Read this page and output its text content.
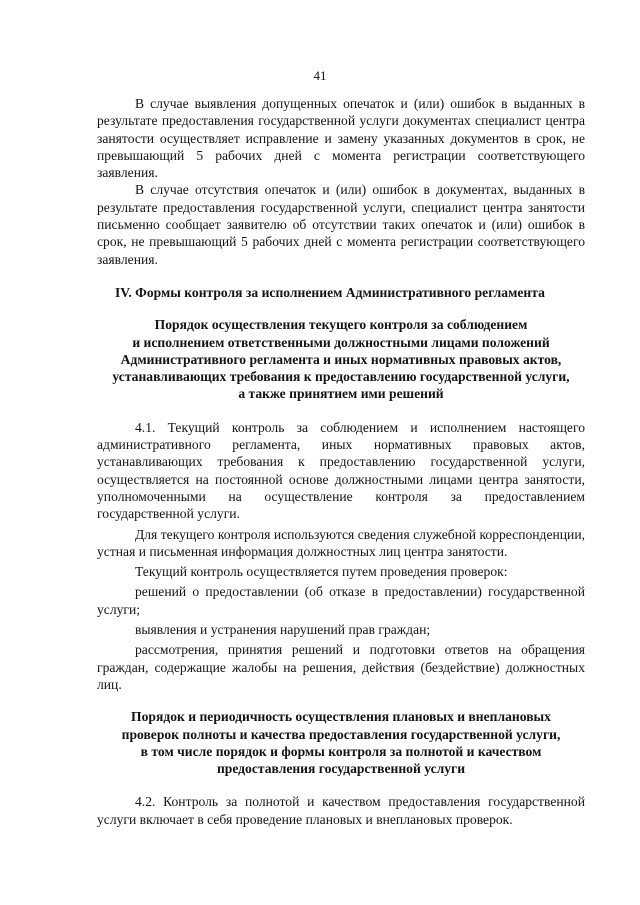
41

В случае выявления допущенных опечаток и (или) ошибок в выданных в результате предоставления государственной услуги документах специалист центра занятости осуществляет исправление и замену указанных документов в срок, не превышающий 5 рабочих дней с момента регистрации соответствующего заявления.

В случае отсутствия опечаток и (или) ошибок в документах, выданных в результате предоставления государственной услуги, специалист центра занятости письменно сообщает заявителю об отсутствии таких опечаток и (или) ошибок в срок, не превышающий 5 рабочих дней с момента регистрации соответствующего заявления.

IV. Формы контроля за исполнением Административного регламента

Порядок осуществления текущего контроля за соблюдением
и исполнением ответственными должностными лицами положений
Административного регламента и иных нормативных правовых актов,
устанавливающих требования к предоставлению государственной услуги,
а также принятием ими решений

4.1. Текущий контроль за соблюдением и исполнением настоящего административного регламента, иных нормативных правовых актов, устанавливающих требования к предоставлению государственной услуги, осуществляется на постоянной основе должностными лицами центра занятости, уполномоченными на осуществление контроля за предоставлением государственной услуги.

Для текущего контроля используются сведения служебной корреспонденции, устная и письменная информация должностных лиц центра занятости.

Текущий контроль осуществляется путем проведения проверок:

решений о предоставлении (об отказе в предоставлении) государственной услуги;

выявления и устранения нарушений прав граждан;

рассмотрения, принятия решений и подготовки ответов на обращения граждан, содержащие жалобы на решения, действия (бездействие) должностных лиц.

Порядок и периодичность осуществления плановых и внеплановых
проверок полноты и качества предоставления государственной услуги,
в том числе порядок и формы контроля за полнотой и качеством
предоставления государственной услуги

4.2. Контроль за полнотой и качеством предоставления государственной услуги включает в себя проведение плановых и внеплановых проверок.
